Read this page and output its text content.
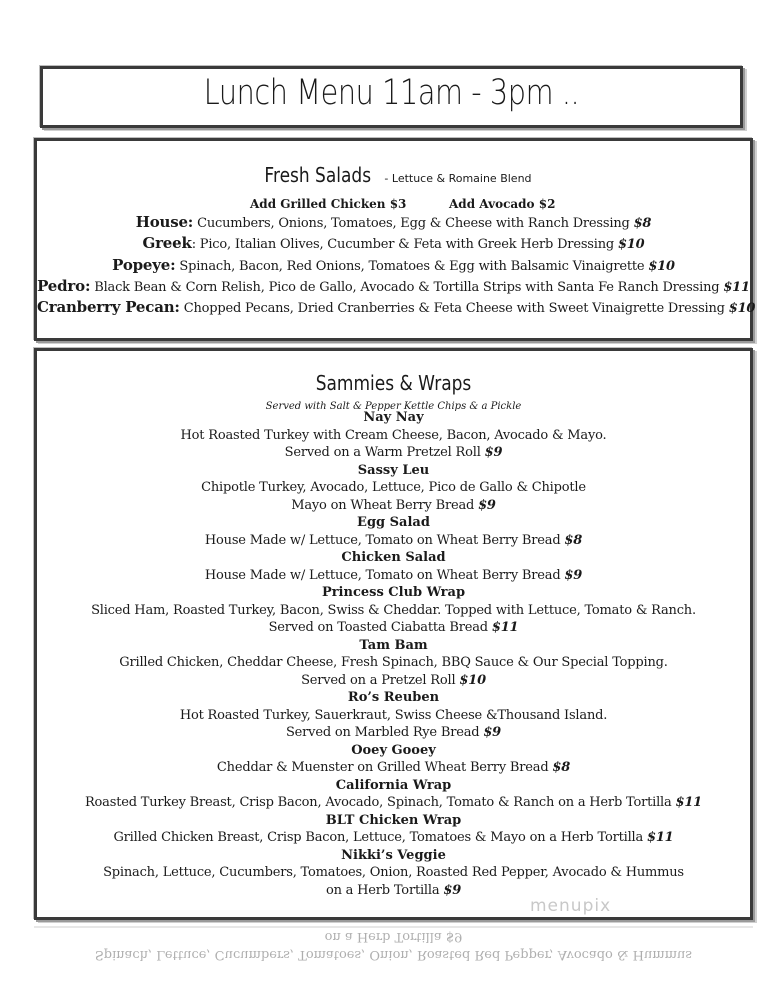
Lunch Menu 11am - 3pm ..
Fresh Salads - Lettuce & Romaine Blend
Add Grilled Chicken $3	Add Avocado $2
House: Cucumbers, Onions, Tomatoes, Egg & Cheese with Ranch Dressing $8
Greek: Pico, Italian Olives, Cucumber & Feta with Greek Herb Dressing $10
Popeye: Spinach, Bacon, Red Onions, Tomatoes & Egg with Balsamic Vinaigrette $10
Pedro: Black Bean & Corn Relish, Pico de Gallo, Avocado & Tortilla Strips with Santa Fe Ranch Dressing $11
Cranberry Pecan: Chopped Pecans, Dried Cranberries & Feta Cheese with Sweet Vinaigrette Dressing $10
Sammies & Wraps
Served with Salt & Pepper Kettle Chips & a Pickle
Nay Nay
Hot Roasted Turkey with Cream Cheese, Bacon, Avocado & Mayo.
Served on a Warm Pretzel Roll $9
Sassy Leu
Chipotle Turkey, Avocado, Lettuce, Pico de Gallo & Chipotle
Mayo on Wheat Berry Bread $9
Egg Salad
House Made w/ Lettuce, Tomato on Wheat Berry Bread $8
Chicken Salad
House Made w/ Lettuce, Tomato on Wheat Berry Bread $9
Princess Club Wrap
Sliced Ham, Roasted Turkey, Bacon, Swiss & Cheddar. Topped with Lettuce, Tomato & Ranch.
Served on Toasted Ciabatta Bread $11
Tam Bam
Grilled Chicken, Cheddar Cheese, Fresh Spinach, BBQ Sauce & Our Special Topping.
Served on a Pretzel Roll $10
Ro’s Reuben
Hot Roasted Turkey, Sauerkraut, Swiss Cheese &Thousand Island.
Served on Marbled Rye Bread $9
Ooey Gooey
Cheddar & Muenster on Grilled Wheat Berry Bread $8
California Wrap
Roasted Turkey Breast, Crisp Bacon, Avocado, Spinach, Tomato & Ranch on a Herb Tortilla $11
BLT Chicken Wrap
Grilled Chicken Breast, Crisp Bacon, Lettuce, Tomatoes & Mayo on a Herb Tortilla $11
Nikki’s Veggie
Spinach, Lettuce, Cucumbers, Tomatoes, Onion, Roasted Red Pepper, Avocado & Hummus
on a Herb Tortilla $9
menupix
Spinach, Lettuce, Cucumbers, Tomatoes, Onion, Roasted Red Pepper, Avocado & Hummus
on a Herb Tortilla $9
